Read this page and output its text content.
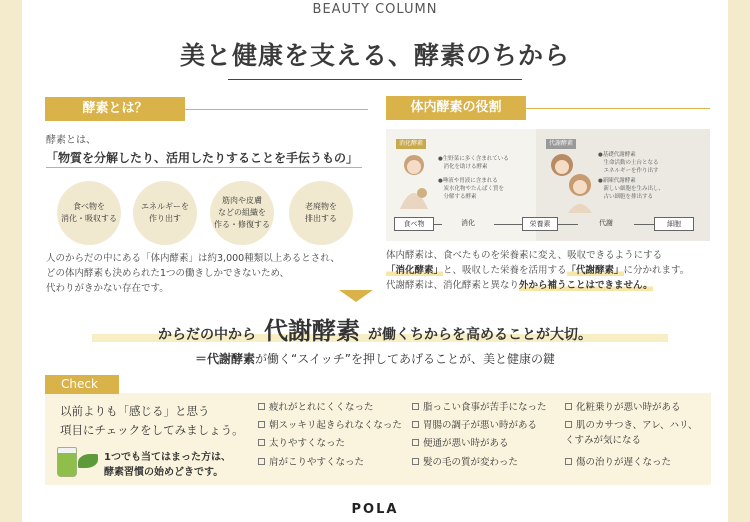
BEAUTY COLUMN
美と健康を支える、酵素のちから
酵素とは？
酵素とは、
「物質を分解したり、活用したりすることを手伝うもの」
食べ物を
消化・吸収する
エネルギーを
作り出す
筋肉や皮膚
などの組織を
作る・修復する
老廃物を
排出する
人のからだの中にある「体内酵素」は約3,000種類以上あるとされ、
どの体内酵素も決められた1つの働きしかできないため、
代わりがきかない存在です。
体内酵素の役割
消化酵素	代謝酵素
●生野菜に多く含まれている
　消化を助ける酵素
●唾液や胃液に含まれる
　炭水化物やたんぱく質を
　分解する酵素
●基礎代謝酵素
　生命活動の土台となる
　エネルギーを作り出す
●新陳代謝酵素
　新しい細胞を生み出し、
　古い細胞を排出する
食べ物	消化	栄養素	代謝	細胞
体内酵素は、食べたものを栄養素に変え、吸収できるようにする
「消化酵素」と、吸収した栄養を活用する「代謝酵素」に分かれます。
代謝酵素は、消化酵素と異なり外から補うことはできません。
からだの中から 代謝酵素 が働くちからを高めることが大切。
＝代謝酵素が働く“スイッチ”を押してあげることが、美と健康の鍵
Check
以前よりも「感じる」と思う
項目にチェックをしてみましょう。
1つでも当てはまった方は、
酵素習慣の始めどきです。
疲れがとれにくくなった
朝スッキリ起きられなくなった
太りやすくなった
肩がこりやすくなった
脂っこい食事が苦手になった
胃腸の調子が悪い時がある
便通が悪い時がある
髪の毛の質が変わった
化粧乗りが悪い時がある
肌のカサつき、アレ、ハリ、
くすみが気になる
傷の治りが遅くなった
POLA
